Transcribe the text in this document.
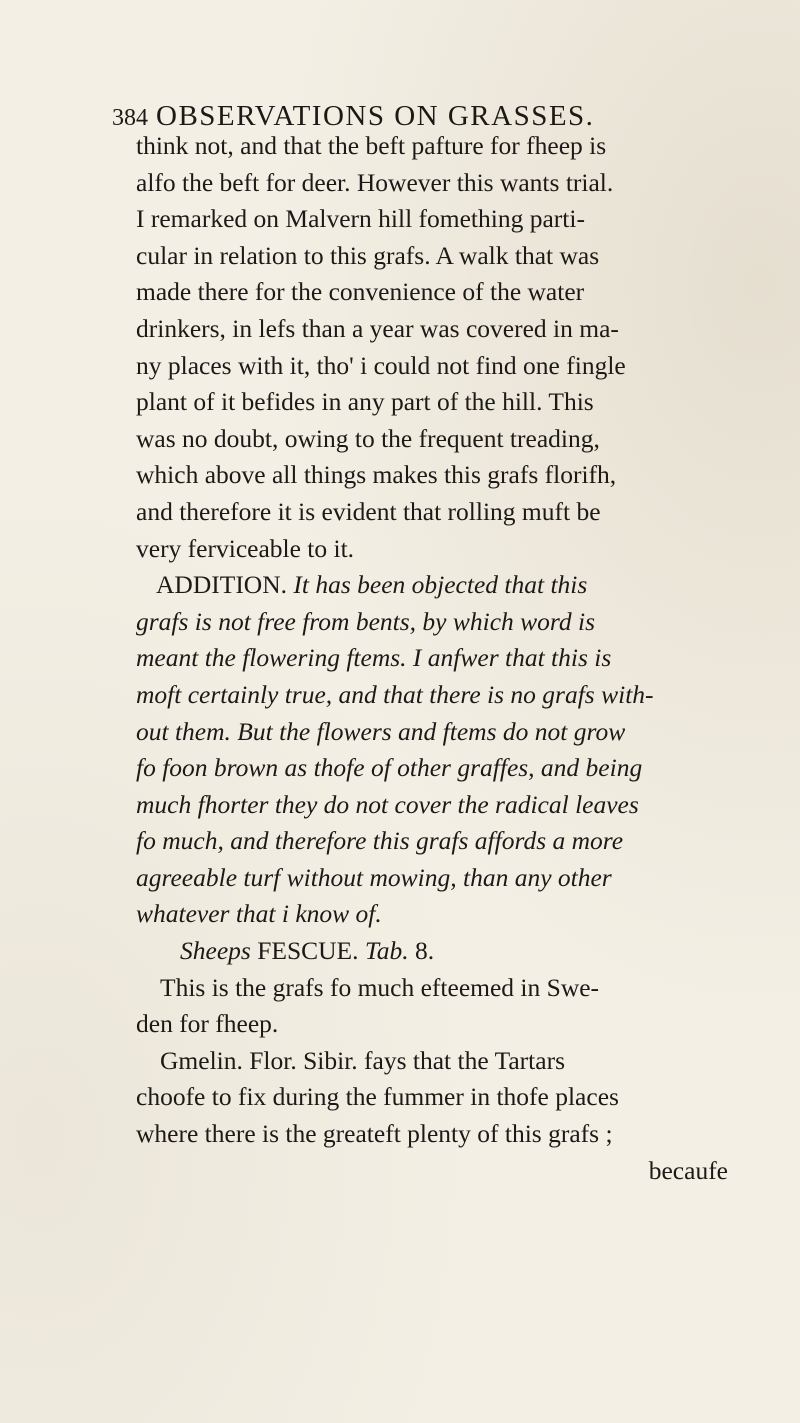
384 OBSERVATIONS ON GRASSES.
think not, and that the beft pafture for fheep is
alfo the beft for deer. However this wants trial.
I remarked on Malvern hill fomething parti-
cular in relation to this grafs. A walk that was
made there for the convenience of the water
drinkers, in lefs than a year was covered in ma-
ny places with it, tho' i could not find one fingle
plant of it befides in any part of the hill. This
was no doubt, owing to the frequent treading,
which above all things makes this grafs florifh,
and therefore it is evident that rolling muft be
very ferviceable to it.
ADDITION. It has been objected that this
grafs is not free from bents, by which word is
meant the flowering ftems. I anfwer that this is
moft certainly true, and that there is no grafs with-
out them. But the flowers and ftems do not grow
fo foon brown as thofe of other graffes, and being
much fhorter they do not cover the radical leaves
fo much, and therefore this grafs affords a more
agreeable turf without mowing, than any other
whatever that i know of.
Sheeps FESCUE. Tab. 8.
This is the grafs fo much efteemed in Swe-
den for fheep.
Gmelin. Flor. Sibir. fays that the Tartars
choofe to fix during the fummer in thofe places
where there is the greateft plenty of this grafs ;
becaufe
